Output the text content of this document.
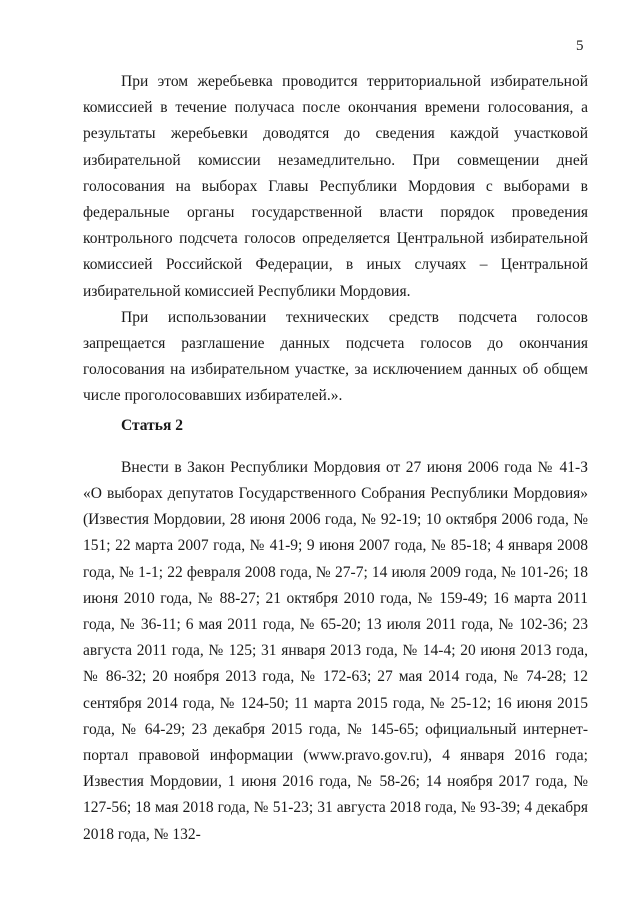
5

При этом жеребьевка проводится территориальной избирательной комиссией в течение получаса после окончания времени голосования, а результаты жеребьевки доводятся до сведения каждой участковой избирательной комиссии незамедлительно. При совмещении дней голосования на выборах Главы Республики Мордовия с выборами в федеральные органы государственной власти порядок проведения контрольного подсчета голосов определяется Центральной избирательной комиссией Российской Федерации, в иных случаях – Центральной избирательной комиссией Республики Мордовия.

При использовании технических средств подсчета голосов запрещается разглашение данных подсчета голосов до окончания голосования на избирательном участке, за исключением данных об общем числе проголосовавших избирателей.».

Статья 2

Внести в Закон Республики Мордовия от 27 июня 2006 года № 41-З «О выборах депутатов Государственного Собрания Республики Мордовия» (Известия Мордовии, 28 июня 2006 года, № 92-19; 10 октября 2006 года, № 151; 22 марта 2007 года, № 41-9; 9 июня 2007 года, № 85-18; 4 января 2008 года, № 1-1; 22 февраля 2008 года, № 27-7; 14 июля 2009 года, № 101-26; 18 июня 2010 года, № 88-27; 21 октября 2010 года, № 159-49; 16 марта 2011 года, № 36-11; 6 мая 2011 года, № 65-20; 13 июля 2011 года, № 102-36; 23 августа 2011 года, № 125; 31 января 2013 года, № 14-4; 20 июня 2013 года, № 86-32; 20 ноября 2013 года, № 172-63; 27 мая 2014 года, № 74-28; 12 сентября 2014 года, № 124-50; 11 марта 2015 года, № 25-12; 16 июня 2015 года, № 64-29; 23 декабря 2015 года, № 145-65; официальный интернет-портал правовой информации (www.pravo.gov.ru), 4 января 2016 года; Известия Мордовии, 1 июня 2016 года, № 58-26; 14 ноября 2017 года, № 127-56; 18 мая 2018 года, № 51-23; 31 августа 2018 года, № 93-39; 4 декабря 2018 года, № 132-
